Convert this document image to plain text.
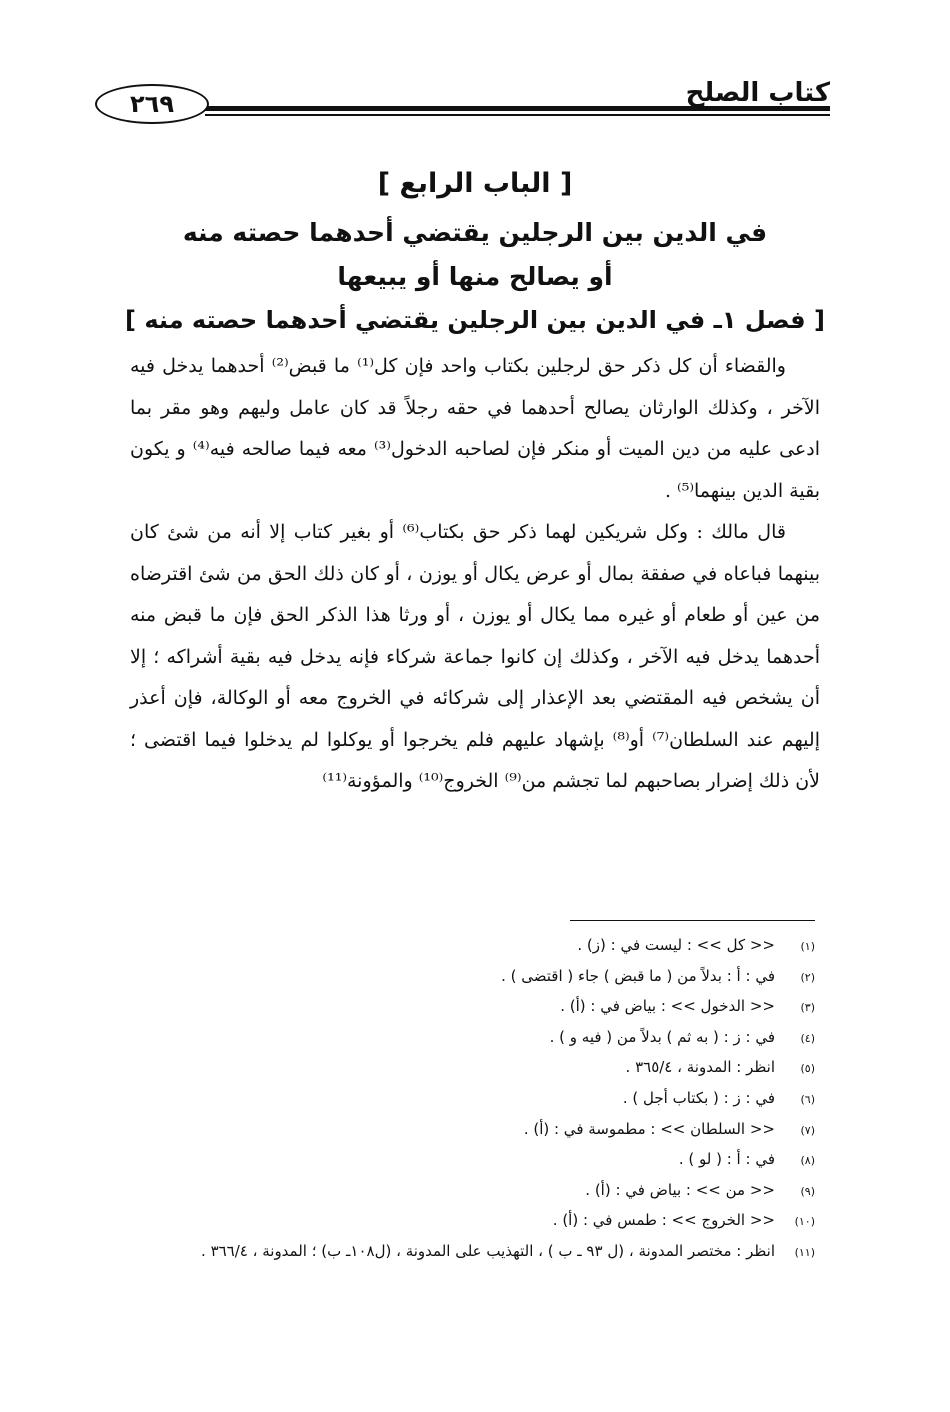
كتاب الصلح
٢٦٩
[ الباب الرابع ]
في الدين بين الرجلين يقتضي أحدهما حصته منه
أو يصالح منها أو يبيعها
[ فصل ١ـ في الدين بين الرجلين يقتضي أحدهما حصته منه ]

والقضاء أن كل ذكر حق لرجلين بكتاب واحد فإن كل⁽¹⁾ ما قبض⁽²⁾ أحدهما يدخل فيه الآخر ، وكذلك الوارثان يصالح أحدهما في حقه رجلاً قد كان عامل وليهم وهو مقر بما ادعى عليه من دين الميت أو منكر فإن لصاحبه الدخول⁽³⁾ معه فيما صالحه فيه⁽⁴⁾ و يكون بقية الدين بينهما⁽⁵⁾ .

قال مالك : وكل شريكين لهما ذكر حق بكتاب⁽⁶⁾ أو بغير كتاب إلا أنه من شئ كان بينهما فباعاه في صفقة بمال أو عرض يكال أو يوزن ، أو كان ذلك الحق من شئ اقترضاه من عين أو طعام أو غيره مما يكال أو يوزن ، أو ورثا هذا الذكر الحق فإن ما قبض منه أحدهما يدخل فيه الآخر ، وكذلك إن كانوا جماعة شركاء فإنه يدخل فيه بقية أشراكه ؛ إلا أن يشخص فيه المقتضي بعد الإعذار إلى شركائه في الخروج معه أو الوكالة، فإن أعذر إليهم عند السلطان⁽⁷⁾ أو⁽⁸⁾ بإشهاد عليهم فلم يخرجوا أو يوكلوا لم يدخلوا فيما اقتضى ؛ لأن ذلك إضرار بصاحبهم لما تجشم من⁽⁹⁾ الخروج⁽¹⁰⁾ والمؤونة⁽¹¹⁾

(١)
<< كل >> : ليست في : (ز) .
(٢)
في : أ : بدلاً من ( ما قبض ) جاء ( اقتضى ) .
(٣)
<< الدخول >> : بياض في : (أ) .
(٤)
في : ز : ( به ثم ) بدلاً من ( فيه و ) .
(٥)
انظر : المدونة ، ٣٦٥/٤ .
(٦)
في : ز : ( بكتاب أجل ) .
(٧)
<< السلطان >> : مطموسة في : (أ) .
(٨)
في : أ : ( لو ) .
(٩)
<< من >> : بياض في : (أ) .
(١٠)
<< الخروج >> : طمس في : (أ) .
(١١)
انظر : مختصر المدونة ، (ل ٩٣ ـ ب ) ، التهذيب على المدونة ، (ل١٠٨ـ ب) ؛ المدونة ، ٣٦٦/٤ .
